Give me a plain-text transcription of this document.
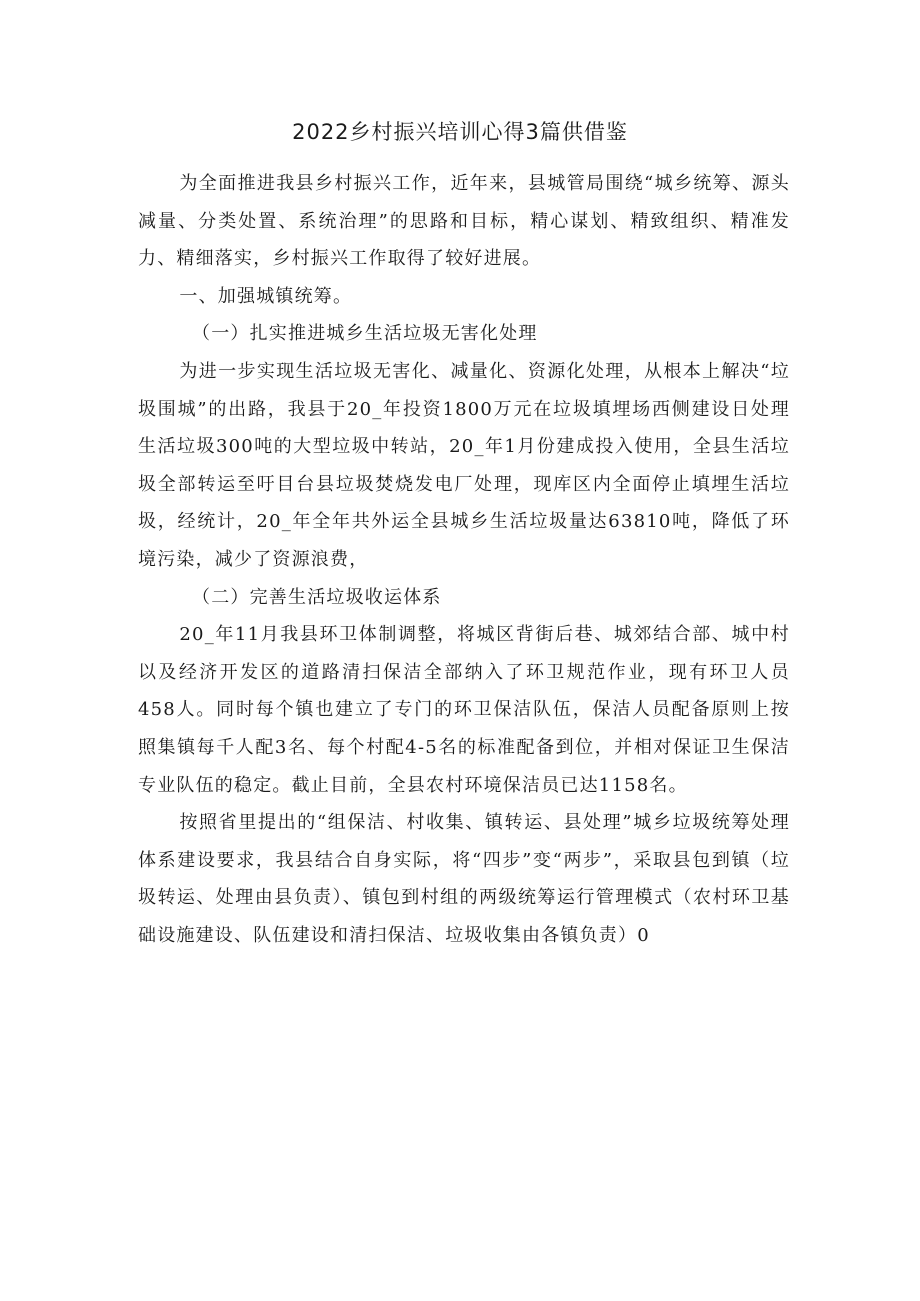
2022乡村振兴培训心得3篇供借鉴

为全面推进我县乡村振兴工作，近年来，县城管局围绕“城乡统筹、源头减量、分类处置、系统治理”的思路和目标，精心谋划、精致组织、精准发力、精细落实，乡村振兴工作取得了较好进展。

一、加强城镇统筹。

（一）扎实推进城乡生活垃圾无害化处理

为进一步实现生活垃圾无害化、减量化、资源化处理，从根本上解决“垃圾围城”的出路，我县于20_年投资1800万元在垃圾填埋场西侧建设日处理生活垃圾300吨的大型垃圾中转站，20_年1月份建成投入使用，全县生活垃圾全部转运至吁目台县垃圾焚烧发电厂处理，现库区内全面停止填埋生活垃圾，经统计，20_年全年共外运全县城乡生活垃圾量达63810吨，降低了环境污染，减少了资源浪费，

（二）完善生活垃圾收运体系

20_年11月我县环卫体制调整，将城区背街后巷、城郊结合部、城中村以及经济开发区的道路清扫保洁全部纳入了环卫规范作业，现有环卫人员458人。同时每个镇也建立了专门的环卫保洁队伍，保洁人员配备原则上按照集镇每千人配3名、每个村配4-5名的标准配备到位，并相对保证卫生保洁专业队伍的稳定。截止目前，全县农村环境保洁员已达1158名。

按照省里提出的“组保洁、村收集、镇转运、县处理”城乡垃圾统筹处理体系建设要求，我县结合自身实际，将“四步”变“两步”，采取县包到镇（垃圾转运、处理由县负责）、镇包到村组的两级统筹运行管理模式（农村环卫基础设施建设、队伍建设和清扫保洁、垃圾收集由各镇负责）0
